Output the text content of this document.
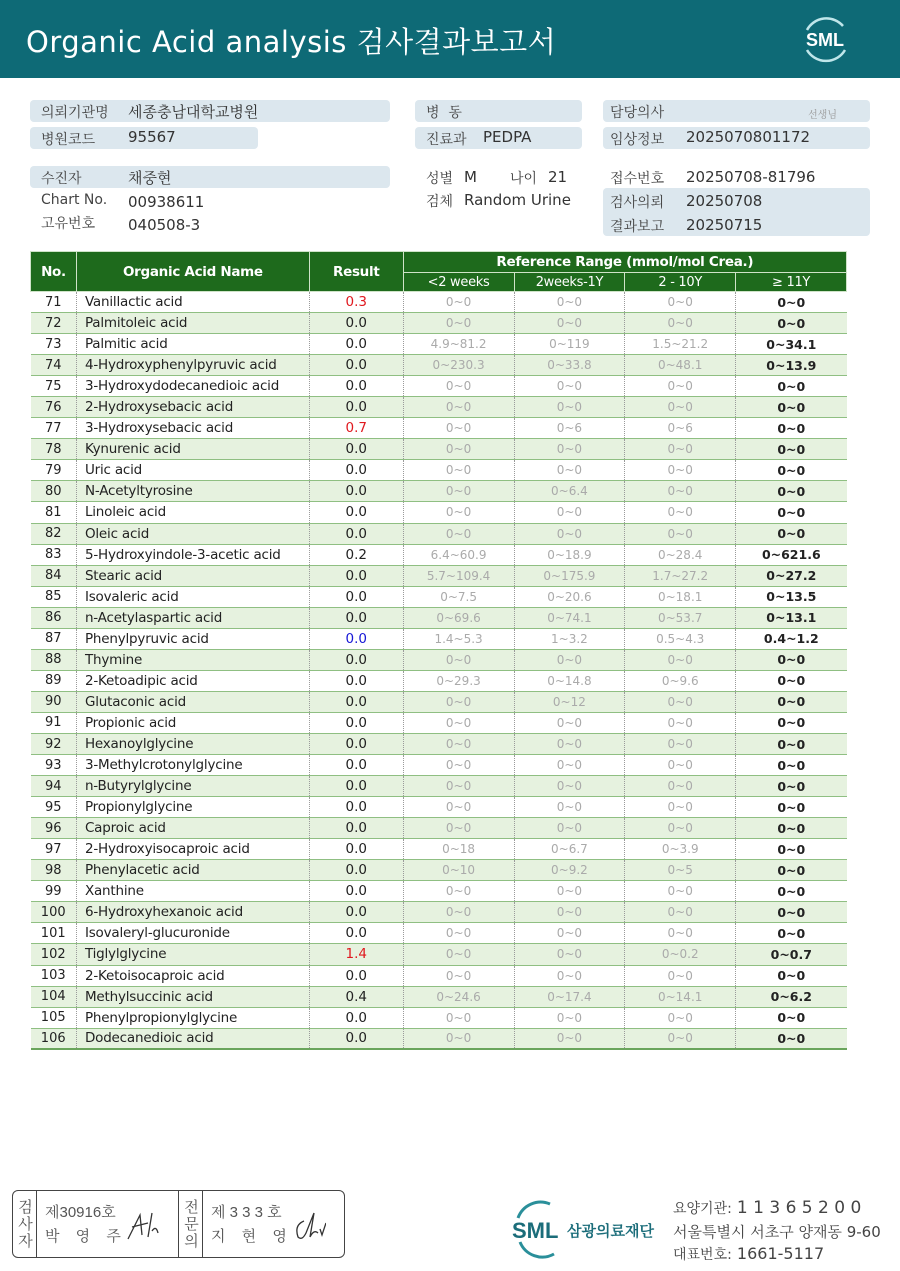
Organic Acid analysis 검사결과보고서	SML
의뢰기관명 세종충남대학교병원
병원코드 95567
병  동
진료과 PEDPA
담당의사	선생님
임상정보 2025070801172
수진자	채중현
Chart No. 00938611
고유번호 040508-3
성별 M 나이 21
검체 Random Urine
접수번호 20250708-81796
검사의뢰 20250708
결과보고 20250715
No.	Organic Acid Name	Result	Reference Range (mmol/mol Crea.)			
			<2 weeks	2weeks-1Y	2 - 10Y	≥ 11Y
71	Vanillactic acid	0.3	0~0	0~0	0~0	0~0
72	Palmitoleic acid	0.0	0~0	0~0	0~0	0~0
73	Palmitic acid	0.0	4.9~81.2	0~119	1.5~21.2	0~34.1
74	4-Hydroxyphenylpyruvic acid	0.0	0~230.3	0~33.8	0~48.1	0~13.9
75	3-Hydroxydodecanedioic acid	0.0	0~0	0~0	0~0	0~0
76	2-Hydroxysebacic acid	0.0	0~0	0~0	0~0	0~0
77	3-Hydroxysebacic acid	0.7	0~0	0~6	0~6	0~0
78	Kynurenic acid	0.0	0~0	0~0	0~0	0~0
79	Uric acid	0.0	0~0	0~0	0~0	0~0
80	N-Acetyltyrosine	0.0	0~0	0~6.4	0~0	0~0
81	Linoleic acid	0.0	0~0	0~0	0~0	0~0
82	Oleic acid	0.0	0~0	0~0	0~0	0~0
83	5-Hydroxyindole-3-acetic acid	0.2	6.4~60.9	0~18.9	0~28.4	0~621.6
84	Stearic acid	0.0	5.7~109.4	0~175.9	1.7~27.2	0~27.2
85	Isovaleric acid	0.0	0~7.5	0~20.6	0~18.1	0~13.5
86	n-Acetylaspartic acid	0.0	0~69.6	0~74.1	0~53.7	0~13.1
87	Phenylpyruvic acid	0.0	1.4~5.3	1~3.2	0.5~4.3	0.4~1.2
88	Thymine	0.0	0~0	0~0	0~0	0~0
89	2-Ketoadipic acid	0.0	0~29.3	0~14.8	0~9.6	0~0
90	Glutaconic acid	0.0	0~0	0~12	0~0	0~0
91	Propionic acid	0.0	0~0	0~0	0~0	0~0
92	Hexanoylglycine	0.0	0~0	0~0	0~0	0~0
93	3-Methylcrotonylglycine	0.0	0~0	0~0	0~0	0~0
94	n-Butyrylglycine	0.0	0~0	0~0	0~0	0~0
95	Propionylglycine	0.0	0~0	0~0	0~0	0~0
96	Caproic acid	0.0	0~0	0~0	0~0	0~0
97	2-Hydroxyisocaproic acid	0.0	0~18	0~6.7	0~3.9	0~0
98	Phenylacetic acid	0.0	0~10	0~9.2	0~5	0~0
99	Xanthine	0.0	0~0	0~0	0~0	0~0
100	6-Hydroxyhexanoic acid	0.0	0~0	0~0	0~0	0~0
101	Isovaleryl-glucuronide	0.0	0~0	0~0	0~0	0~0
102	Tiglylglycine	1.4	0~0	0~0	0~0.2	0~0.7
103	2-Ketoisocaproic acid	0.0	0~0	0~0	0~0	0~0
104	Methylsuccinic acid	0.4	0~24.6	0~17.4	0~14.1	0~6.2
105	Phenylpropionylglycine	0.0	0~0	0~0	0~0	0~0
106	Dodecanedioic acid	0.0	0~0	0~0	0~0	0~0
검사자 제30916호
박 영 주	전문의 제 3 3 3 호
지 현 영	SML 삼광의료재단
요양기관: 1 1 3 6 5 2 0 0
서울특별시 서초구 양재동 9-60
대표번호: 1661-5117
